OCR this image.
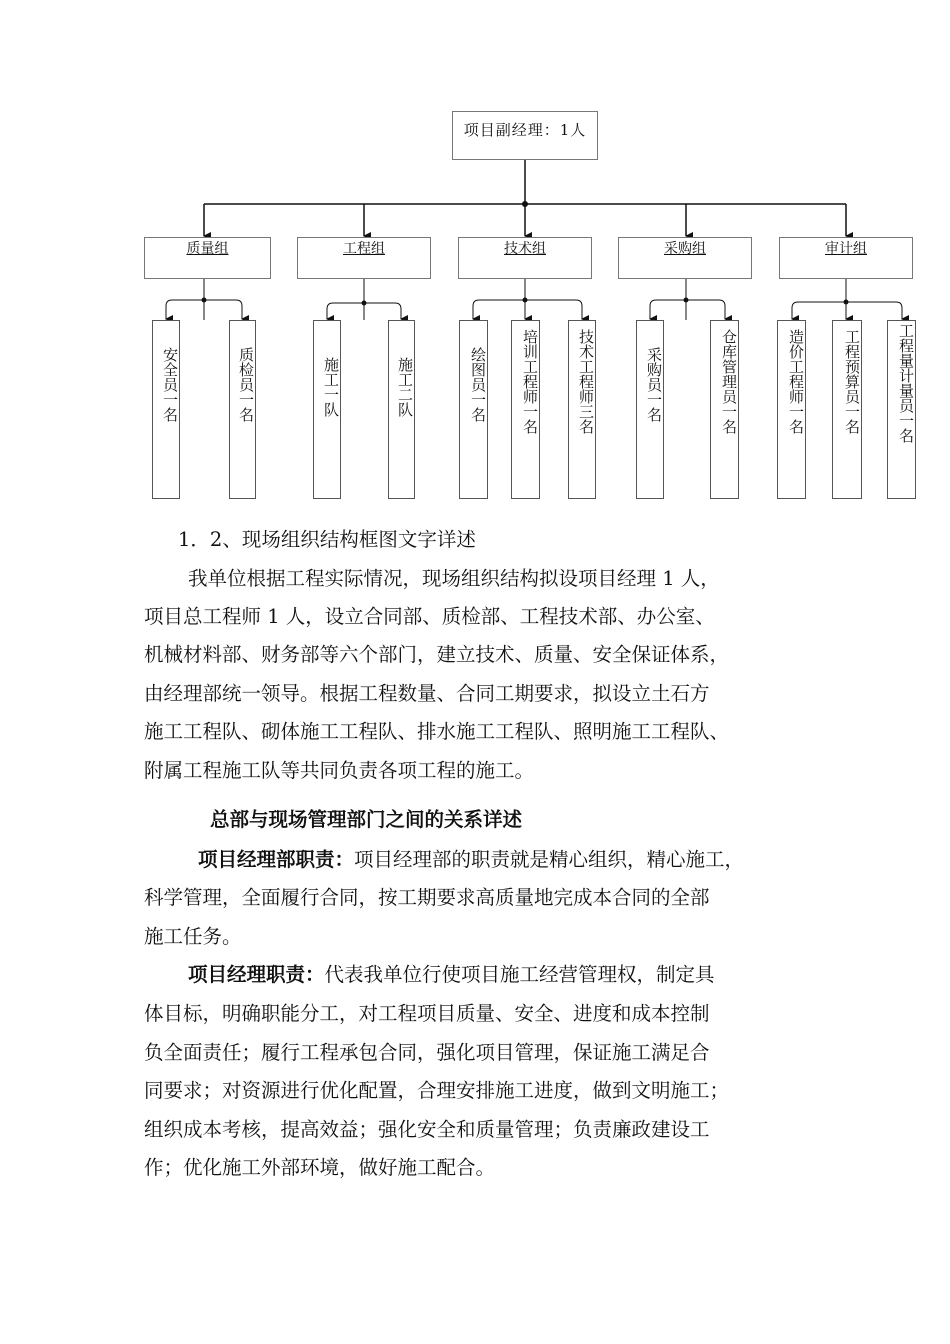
项目副经理：1人
质量组	工程组	技术组	采购组	审计组
安全员一名	质检员一名	施工一队	施工二队	绘图员一名	培训工程师一名	技术工程师三名	采购员一名	仓库管理员一名	造价工程师一名	工程预算员一名	工程量计量员一名
1．2、现场组织结构框图文字详述
我单位根据工程实际情况，现场组织结构拟设项目经理 1 人，
项目总工程师 1 人，设立合同部、质检部、工程技术部、办公室、
机械材料部、财务部等六个部门，建立技术、质量、安全保证体系，
由经理部统一领导。根据工程数量、合同工期要求，拟设立土石方
施工工程队、砌体施工工程队、排水施工工程队、照明施工工程队、
附属工程施工队等共同负责各项工程的施工。
总部与现场管理部门之间的关系详述
项目经理部职责：项目经理部的职责就是精心组织，精心施工，
科学管理，全面履行合同，按工期要求高质量地完成本合同的全部
施工任务。
项目经理职责：代表我单位行使项目施工经营管理权，制定具
体目标，明确职能分工，对工程项目质量、安全、进度和成本控制
负全面责任；履行工程承包合同，强化项目管理，保证施工满足合
同要求；对资源进行优化配置，合理安排施工进度，做到文明施工；
组织成本考核，提高效益；强化安全和质量管理；负责廉政建设工
作；优化施工外部环境，做好施工配合。
